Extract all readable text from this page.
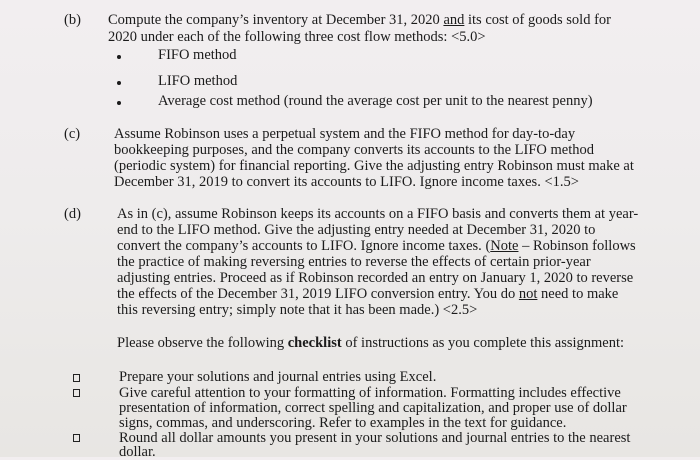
(b) Compute the company’s inventory at December 31, 2020 and its cost of goods sold for
2020 under each of the following three cost flow methods: <5.0>
FIFO method
LIFO method
Average cost method (round the average cost per unit to the nearest penny)
(c) Assume Robinson uses a perpetual system and the FIFO method for day-to-day
bookkeeping purposes, and the company converts its accounts to the LIFO method
(periodic system) for financial reporting. Give the adjusting entry Robinson must make at
December 31, 2019 to convert its accounts to LIFO. Ignore income taxes. <1.5>
(d) As in (c), assume Robinson keeps its accounts on a FIFO basis and converts them at year-
end to the LIFO method. Give the adjusting entry needed at December 31, 2020 to
convert the company’s accounts to LIFO. Ignore income taxes. (Note – Robinson follows
the practice of making reversing entries to reverse the effects of certain prior-year
adjusting entries. Proceed as if Robinson recorded an entry on January 1, 2020 to reverse
the effects of the December 31, 2019 LIFO conversion entry. You do not need to make
this reversing entry; simply note that it has been made.) <2.5>
Please observe the following checklist of instructions as you complete this assignment:
Prepare your solutions and journal entries using Excel.
Give careful attention to your formatting of information. Formatting includes effective
presentation of information, correct spelling and capitalization, and proper use of dollar
signs, commas, and underscoring. Refer to examples in the text for guidance.
Round all dollar amounts you present in your solutions and journal entries to the nearest
dollar.
